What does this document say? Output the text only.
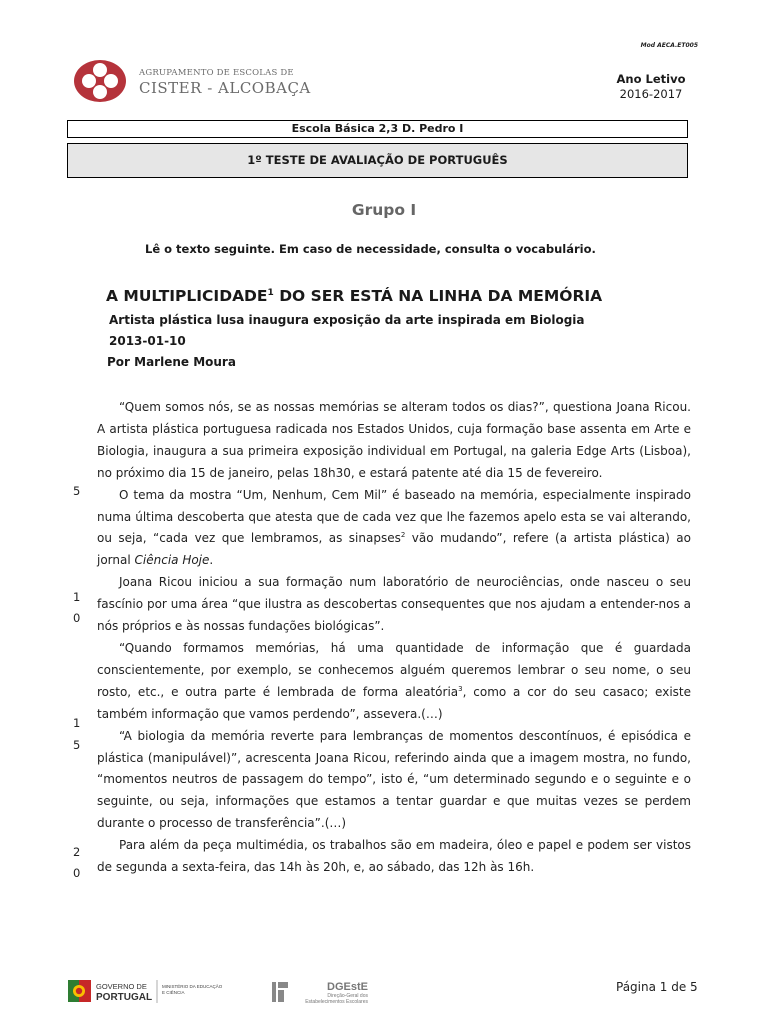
Mod AECA.ET005
AGRUPAMENTO DE ESCOLAS DE
CISTER - ALCOBAÇA	Ano Letivo
2016-2017
Escola Básica 2,3 D. Pedro I
1º TESTE DE AVALIAÇÃO DE PORTUGUÊS
Grupo I
Lê o texto seguinte. Em caso de necessidade, consulta o vocabulário.
A MULTIPLICIDADE$^1$ DO SER ESTÁ NA LINHA DA MEMÓRIA
Artista plástica lusa inaugura exposição da arte inspirada em Biologia
2013-01-10
Por Marlene Moura

“Quem somos nós, se as nossas memórias se alteram todos os dias?”, questiona Joana Ricou. A artista plástica portuguesa radicada nos Estados Unidos, cuja formação base assenta em Arte e Biologia, inaugura a sua primeira exposição individual em Portugal, na galeria Edge Arts (Lisboa), no próximo dia 15 de janeiro, pelas 18h30, e estará patente até dia 15 de fevereiro.

O tema da mostra “Um, Nenhum, Cem Mil” é baseado na memória, especialmente inspirado numa última descoberta que atesta que de cada vez que lhe fazemos apelo esta se vai alterando, ou seja, “cada vez que lembramos, as sinapses$^2$ vão mudando”, refere (a artista plástica) ao jornal Ciência Hoje.

Joana Ricou iniciou a sua formação num laboratório de neurociências, onde nasceu o seu fascínio por uma área “que ilustra as descobertas consequentes que nos ajudam a entender-nos a nós próprios e às nossas fundações biológicas”.

“Quando formamos memórias, há uma quantidade de informação que é guardada conscientemente, por exemplo, se conhecemos alguém queremos lembrar o seu nome, o seu rosto, etc., e outra parte é lembrada de forma aleatória$^3$, como a cor do seu casaco; existe também informação que vamos perdendo”, assevera.(…)

“A biologia da memória reverte para lembranças de momentos descontínuos, é episódica e plástica (manipulável)”, acrescenta Joana Ricou, referindo ainda que a imagem mostra, no fundo, “momentos neutros de passagem do tempo”, isto é, “um determinado segundo e o seguinte e o seguinte, ou seja, informações que estamos a tentar guardar e que muitas vezes se perdem durante o processo de transferência”.(…)

Para além da peça multimédia, os trabalhos são em madeira, óleo e papel e podem ser vistos de segunda a sexta-feira, das 14h às 20h, e, ao sábado, das 12h às 16h.

5
1
0
1
5
2
0
GOVERNO DE
PORTUGAL
MINISTÉRIO DA EDUCAÇÃO
E CIÊNCIA	DGEstE
Direção-Geral dos
Estabelecimentos Escolares
Página 1 de 5
